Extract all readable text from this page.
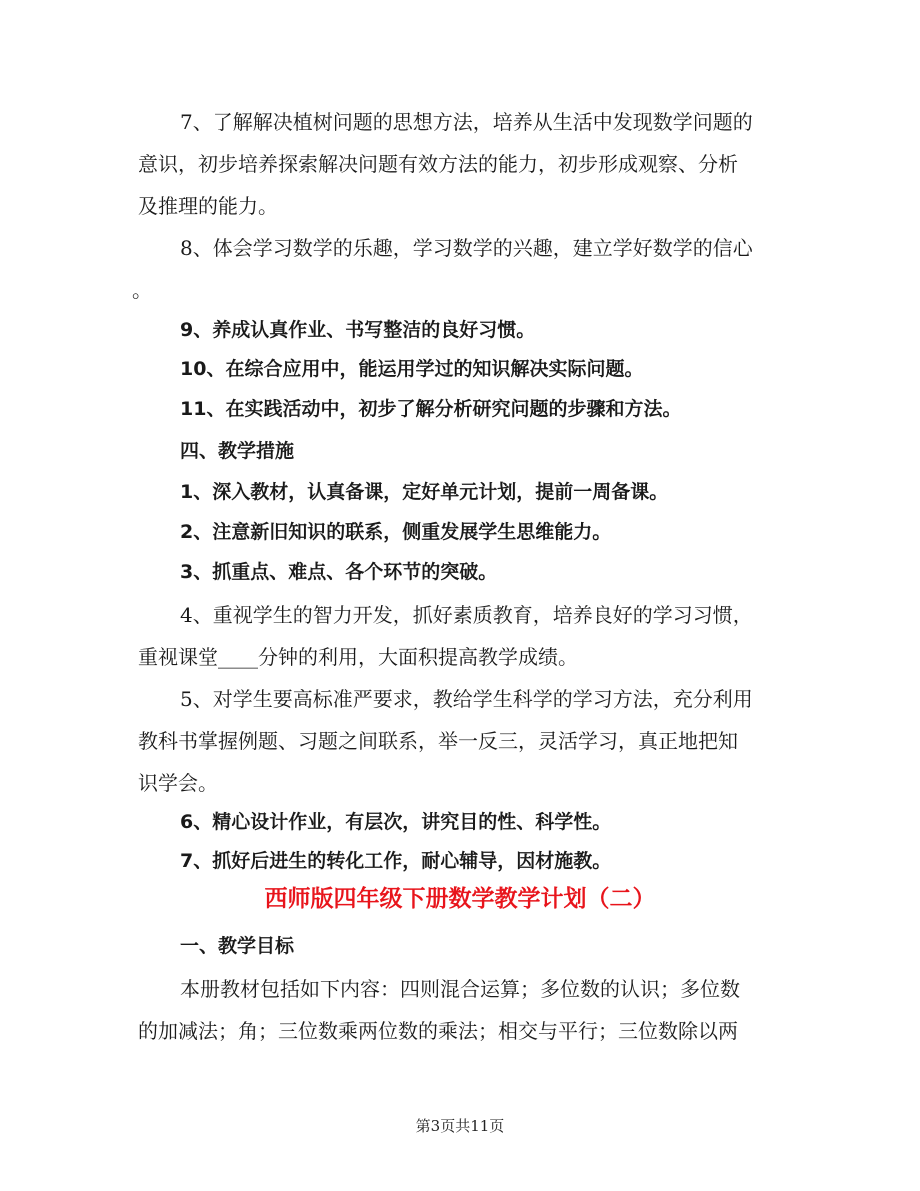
7、了解解决植树问题的思想方法，培养从生活中发现数学问题的
意识，初步培养探索解决问题有效方法的能力，初步形成观察、分析
及推理的能力。
8、体会学习数学的乐趣，学习数学的兴趣，建立学好数学的信心
。
9、养成认真作业、书写整洁的良好习惯。
10、在综合应用中，能运用学过的知识解决实际问题。
11、在实践活动中，初步了解分析研究问题的步骤和方法。
四、教学措施
1、深入教材，认真备课，定好单元计划，提前一周备课。
2、注意新旧知识的联系，侧重发展学生思维能力。
3、抓重点、难点、各个环节的突破。
4、重视学生的智力开发，抓好素质教育，培养良好的学习习惯，
重视课堂____分钟的利用，大面积提高教学成绩。
5、对学生要高标准严要求，教给学生科学的学习方法，充分利用
教科书掌握例题、习题之间联系，举一反三，灵活学习，真正地把知
识学会。
6、精心设计作业，有层次，讲究目的性、科学性。
7、抓好后进生的转化工作，耐心辅导，因材施教。
西师版四年级下册数学教学计划（二）
一、教学目标
本册教材包括如下内容：四则混合运算；多位数的认识；多位数
的加减法；角；三位数乘两位数的乘法；相交与平行；三位数除以两
第3页共11页
